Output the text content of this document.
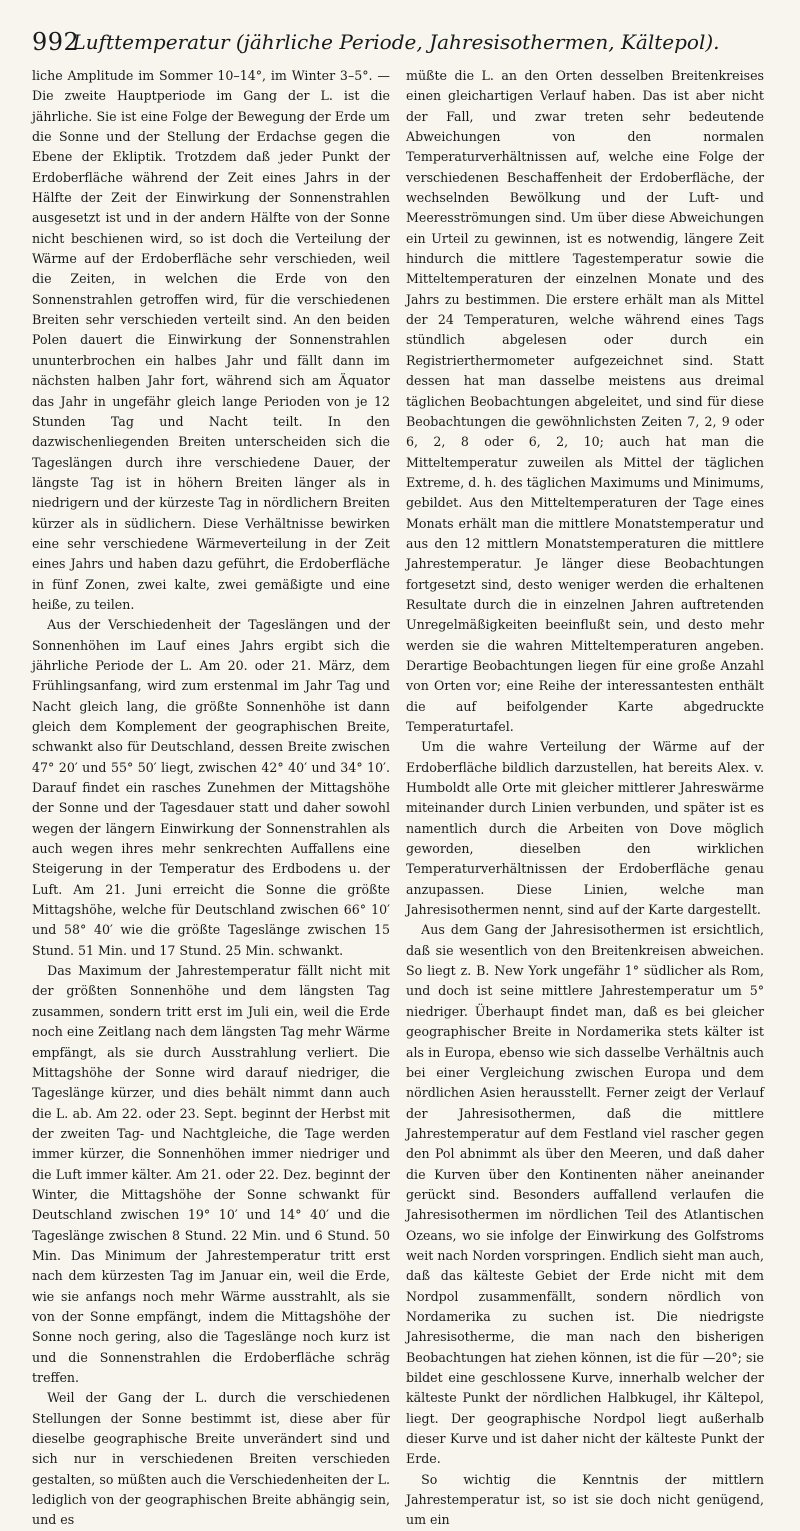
992
Lufttemperatur (jährliche Periode, Jahresisothermen, Kältepol).

liche Amplitude im Sommer 10–14°, im Winter 3–5°. — Die zweite Hauptperiode im Gang der L. ist die jährliche. Sie ist eine Folge der Bewegung der Erde um die Sonne und der Stellung der Erdachse gegen die Ebene der Ekliptik. Trotzdem daß jeder Punkt der Erdoberfläche während der Zeit eines Jahrs in der Hälfte der Zeit der Einwirkung der Sonnenstrahlen ausgesetzt ist und in der andern Hälfte von der Sonne nicht beschienen wird, so ist doch die Verteilung der Wärme auf der Erdoberfläche sehr verschieden, weil die Zeiten, in welchen die Erde von den Sonnenstrahlen getroffen wird, für die verschiedenen Breiten sehr verschieden verteilt sind. An den beiden Polen dauert die Einwirkung der Sonnenstrahlen ununterbrochen ein halbes Jahr und fällt dann im nächsten halben Jahr fort, während sich am Äquator das Jahr in ungefähr gleich lange Perioden von je 12 Stunden Tag und Nacht teilt. In den dazwischenliegenden Breiten unterscheiden sich die Tageslängen durch ihre verschiedene Dauer, der längste Tag ist in höhern Breiten länger als in niedrigern und der kürzeste Tag in nördlichern Breiten kürzer als in südlichern. Diese Verhältnisse bewirken eine sehr verschiedene Wärmeverteilung in der Zeit eines Jahrs und haben dazu geführt, die Erdoberfläche in fünf Zonen, zwei kalte, zwei gemäßigte und eine heiße, zu teilen.

Aus der Verschiedenheit der Tageslängen und der Sonnenhöhen im Lauf eines Jahrs ergibt sich die jährliche Periode der L. Am 20. oder 21. März, dem Frühlingsanfang, wird zum erstenmal im Jahr Tag und Nacht gleich lang, die größte Sonnenhöhe ist dann gleich dem Komplement der geographischen Breite, schwankt also für Deutschland, dessen Breite zwischen 47° 20′ und 55° 50′ liegt, zwischen 42° 40′ und 34° 10′. Darauf findet ein rasches Zunehmen der Mittagshöhe der Sonne und der Tagesdauer statt und daher sowohl wegen der längern Einwirkung der Sonnenstrahlen als auch wegen ihres mehr senkrechten Auffallens eine Steigerung in der Temperatur des Erdbodens u. der Luft. Am 21. Juni erreicht die Sonne die größte Mittagshöhe, welche für Deutschland zwischen 66° 10′ und 58° 40′ wie die größte Tageslänge zwischen 15 Stund. 51 Min. und 17 Stund. 25 Min. schwankt.

Das Maximum der Jahrestemperatur fällt nicht mit der größten Sonnenhöhe und dem längsten Tag zusammen, sondern tritt erst im Juli ein, weil die Erde noch eine Zeitlang nach dem längsten Tag mehr Wärme empfängt, als sie durch Ausstrahlung verliert. Die Mittagshöhe der Sonne wird darauf niedriger, die Tageslänge kürzer, und dies behält nimmt dann auch die L. ab. Am 22. oder 23. Sept. beginnt der Herbst mit der zweiten Tag- und Nachtgleiche, die Tage werden immer kürzer, die Sonnenhöhen immer niedriger und die Luft immer kälter. Am 21. oder 22. Dez. beginnt der Winter, die Mittagshöhe der Sonne schwankt für Deutschland zwischen 19° 10′ und 14° 40′ und die Tageslänge zwischen 8 Stund. 22 Min. und 6 Stund. 50 Min. Das Minimum der Jahrestemperatur tritt erst nach dem kürzesten Tag im Januar ein, weil die Erde, wie sie anfangs noch mehr Wärme ausstrahlt, als sie von der Sonne empfängt, indem die Mittagshöhe der Sonne noch gering, also die Tageslänge noch kurz ist und die Sonnenstrahlen die Erdoberfläche schräg treffen.

Weil der Gang der L. durch die verschiedenen Stellungen der Sonne bestimmt ist, diese aber für dieselbe geographische Breite unverändert sind und sich nur in verschiedenen Breiten verschieden gestalten, so müßten auch die Verschiedenheiten der L. lediglich von der geographischen Breite abhängig sein, und es

müßte die L. an den Orten desselben Breitenkreises einen gleichartigen Verlauf haben. Das ist aber nicht der Fall, und zwar treten sehr bedeutende Abweichungen von den normalen Temperaturverhältnissen auf, welche eine Folge der verschiedenen Beschaffenheit der Erdoberfläche, der wechselnden Bewölkung und der Luft- und Meeresströmungen sind. Um über diese Abweichungen ein Urteil zu gewinnen, ist es notwendig, längere Zeit hindurch die mittlere Tagestemperatur sowie die Mitteltemperaturen der einzelnen Monate und des Jahrs zu bestimmen. Die erstere erhält man als Mittel der 24 Temperaturen, welche während eines Tags stündlich abgelesen oder durch ein Registrierthermometer aufgezeichnet sind. Statt dessen hat man dasselbe meistens aus dreimal täglichen Beobachtungen abgeleitet, und sind für diese Beobachtungen die gewöhnlichsten Zeiten 7, 2, 9 oder 6, 2, 8 oder 6, 2, 10; auch hat man die Mitteltemperatur zuweilen als Mittel der täglichen Extreme, d. h. des täglichen Maximums und Minimums, gebildet. Aus den Mitteltemperaturen der Tage eines Monats erhält man die mittlere Monatstemperatur und aus den 12 mittlern Monatstemperaturen die mittlere Jahrestemperatur. Je länger diese Beobachtungen fortgesetzt sind, desto weniger werden die erhaltenen Resultate durch die in einzelnen Jahren auftretenden Unregelmäßigkeiten beeinflußt sein, und desto mehr werden sie die wahren Mitteltemperaturen angeben. Derartige Beobachtungen liegen für eine große Anzahl von Orten vor; eine Reihe der interessantesten enthält die auf beifolgender Karte abgedruckte Temperaturtafel.

Um die wahre Verteilung der Wärme auf der Erdoberfläche bildlich darzustellen, hat bereits Alex. v. Humboldt alle Orte mit gleicher mittlerer Jahreswärme miteinander durch Linien verbunden, und später ist es namentlich durch die Arbeiten von Dove möglich geworden, dieselben den wirklichen Temperaturverhältnissen der Erdoberfläche genau anzupassen. Diese Linien, welche man Jahresisothermen nennt, sind auf der Karte dargestellt.

Aus dem Gang der Jahresisothermen ist ersichtlich, daß sie wesentlich von den Breitenkreisen abweichen. So liegt z. B. New York ungefähr 1° südlicher als Rom, und doch ist seine mittlere Jahrestemperatur um 5° niedriger. Überhaupt findet man, daß es bei gleicher geographischer Breite in Nordamerika stets kälter ist als in Europa, ebenso wie sich dasselbe Verhältnis auch bei einer Vergleichung zwischen Europa und dem nördlichen Asien herausstellt. Ferner zeigt der Verlauf der Jahresisothermen, daß die mittlere Jahrestemperatur auf dem Festland viel rascher gegen den Pol abnimmt als über den Meeren, und daß daher die Kurven über den Kontinenten näher aneinander gerückt sind. Besonders auffallend verlaufen die Jahresisothermen im nördlichen Teil des Atlantischen Ozeans, wo sie infolge der Einwirkung des Golfstroms weit nach Norden vorspringen. Endlich sieht man auch, daß das kälteste Gebiet der Erde nicht mit dem Nordpol zusammenfällt, sondern nördlich von Nordamerika zu suchen ist. Die niedrigste Jahresisotherme, die man nach den bisherigen Beobachtungen hat ziehen können, ist die für —20°; sie bildet eine geschlossene Kurve, innerhalb welcher der kälteste Punkt der nördlichen Halbkugel, ihr Kältepol, liegt. Der geographische Nordpol liegt außerhalb dieser Kurve und ist daher nicht der kälteste Punkt der Erde.

So wichtig die Kenntnis der mittlern Jahrestemperatur ist, so ist sie doch nicht genügend, um ein
